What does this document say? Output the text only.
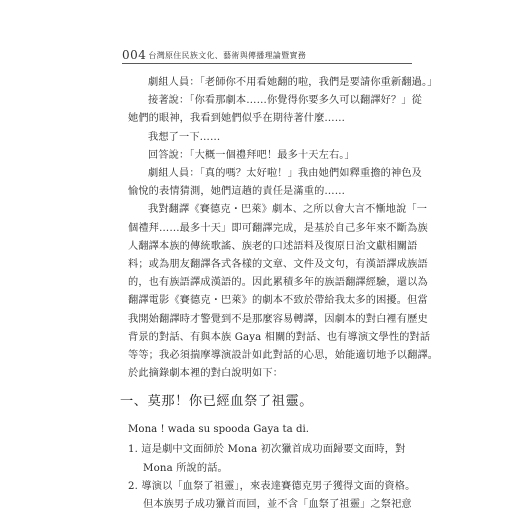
004 台灣原住民族文化、藝術與傳播理論暨實務

劇組人員：「老師你不用看她翻的啦，我們是要請你重新翻過。」

接著說：「你看那劇本……你覺得你要多久可以翻譯好？」從
她們的眼神，我看到她們似乎在期待著什麼……

我想了一下……

回答說：「大概一個禮拜吧！最多十天左右。」

劇組人員：「真的嗎？太好啦！」我由她們如釋重擔的神色及
愉悅的表情猜測，她們這趟的責任是滿重的……

我對翻譯《賽德克・巴萊》劇本、之所以會大言不慚地說「一
個禮拜……最多十天」即可翻譯完成，是基於自己多年來不斷為族
人翻譯本族的傳統歌謠、族老的口述語料及復原日治文獻相關語
料；或為朋友翻譯各式各樣的文章、文件及文句，有漢語譯成族語
的，也有族語譯成漢語的。因此累積多年的族語翻譯經驗，還以為
翻譯電影《賽德克・巴萊》的劇本不致於帶給我太多的困擾。但當
我開始翻譯時才警覺到不是那麼容易轉譯，因劇本的對白裡有歷史
背景的對話、有與本族 Gaya 相關的對話、也有導演文學性的對話
等等；我必須揣摩導演設計如此對話的心思，始能適切地予以翻譯。
於此摘錄劇本裡的對白說明如下：

一、莫那！你已經血祭了祖靈。
Mona ! wada su spooda Gaya ta di.
1. 這是劇中文面師於 Mona 初次獵首成功面歸要文面時，對
Mona 所說的話。
2. 導演以「血祭了祖靈」，來表達賽德克男子獲得文面的資格。
但本族男子成功獵首而回，並不含「血祭了祖靈」之祭祀意
